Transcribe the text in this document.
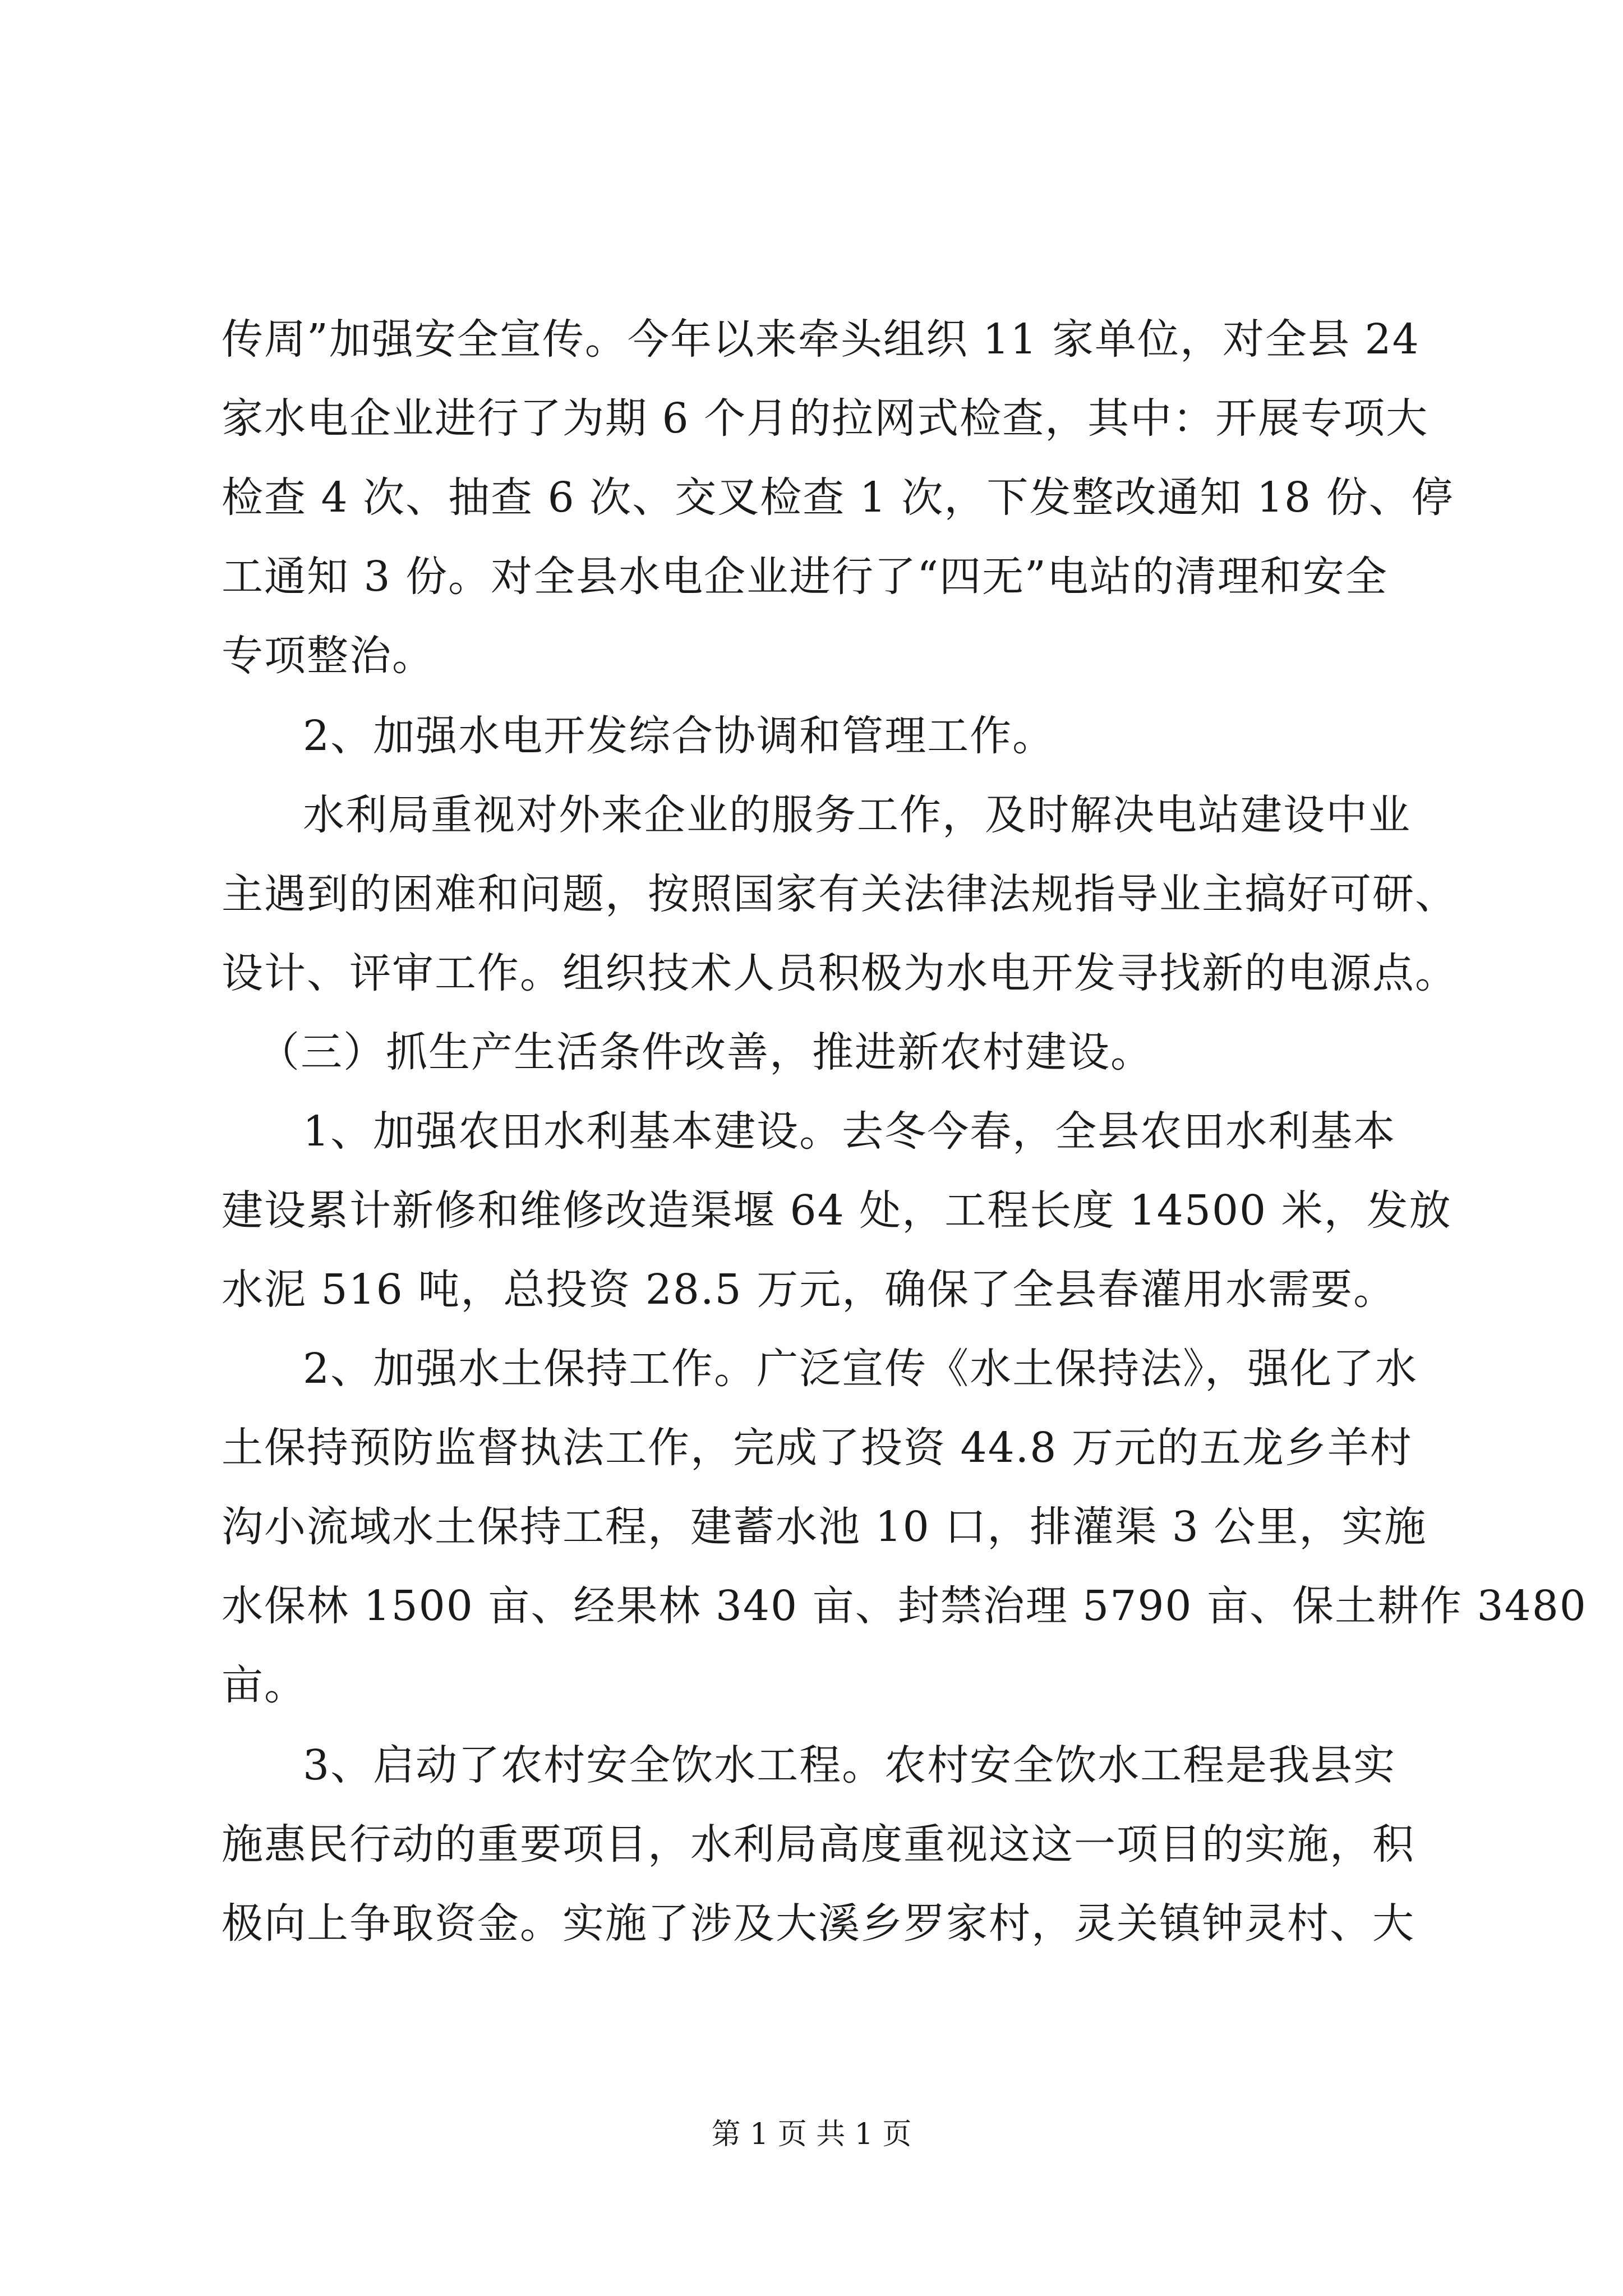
传周”加强安全宣传。今年以来牵头组织 11 家单位，对全县 24
家水电企业进行了为期 6 个月的拉网式检查，其中：开展专项大
检查 4 次、抽查 6 次、交叉检查 1 次，下发整改通知 18 份、停
工通知 3 份。对全县水电企业进行了“四无”电站的清理和安全
专项整治。
2、加强水电开发综合协调和管理工作。
水利局重视对外来企业的服务工作，及时解决电站建设中业
主遇到的困难和问题，按照国家有关法律法规指导业主搞好可研、
设计、评审工作。组织技术人员积极为水电开发寻找新的电源点。
（三）抓生产生活条件改善，推进新农村建设。
1、加强农田水利基本建设。去冬今春，全县农田水利基本
建设累计新修和维修改造渠堰 64 处，工程长度 14500 米，发放
水泥 516 吨，总投资 28.5 万元，确保了全县春灌用水需要。
2、加强水土保持工作。广泛宣传《水土保持法》，强化了水
土保持预防监督执法工作，完成了投资 44.8 万元的五龙乡羊村
沟小流域水土保持工程，建蓄水池 10 口，排灌渠 3 公里，实施
水保林 1500 亩、经果林 340 亩、封禁治理 5790 亩、保土耕作 3480
亩。
3、启动了农村安全饮水工程。农村安全饮水工程是我县实
施惠民行动的重要项目，水利局高度重视这这一项目的实施，积
极向上争取资金。实施了涉及大溪乡罗家村，灵关镇钟灵村、大
第 1 页 共 1 页
